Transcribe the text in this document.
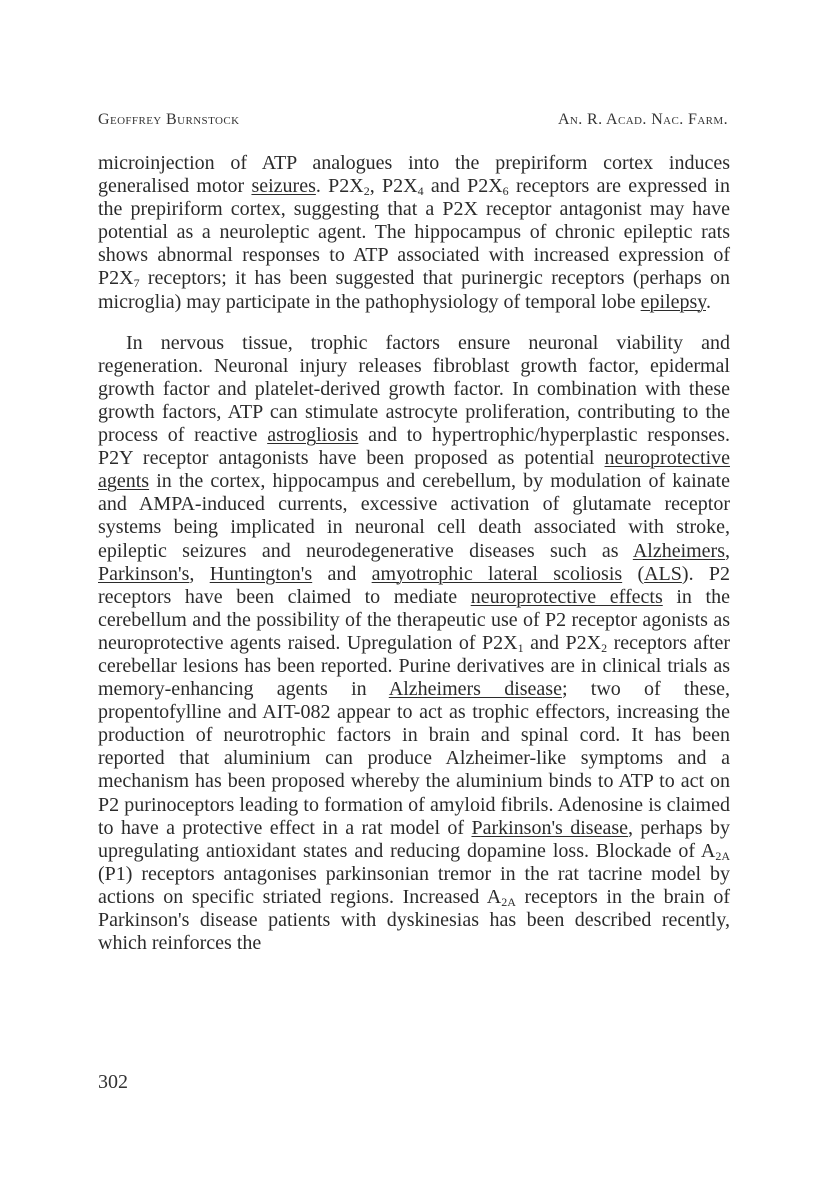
Geoffrey Burnstock	An. R. Acad. Nac. Farm.

microinjection of ATP analogues into the prepiriform cortex induces generalised motor seizures. $P2X_2$, $P2X_4$ and $P2X_6$ receptors are expressed in the prepiriform cortex, suggesting that a P2X receptor antagonist may have potential as a neuroleptic agent. The hippocampus of chronic epileptic rats shows abnormal responses to ATP associated with increased expression of $P2X_7$ receptors; it has been suggested that purinergic receptors (perhaps on microglia) may participate in the pathophysiology of temporal lobe epilepsy.

In nervous tissue, trophic factors ensure neuronal viability and regeneration. Neuronal injury releases fibroblast growth factor, epidermal growth factor and platelet-derived growth factor. In combination with these growth factors, ATP can stimulate astrocyte proliferation, contributing to the process of reactive astrogliosis and to hypertrophic/hyperplastic responses. P2Y receptor antagonists have been proposed as potential neuroprotective agents in the cortex, hippocampus and cerebellum, by modulation of kainate and AMPA-induced currents, excessive activation of glutamate receptor systems being implicated in neuronal cell death associated with stroke, epileptic seizures and neurodegenerative diseases such as Alzheimers, Parkinson's, Huntington's and amyotrophic lateral scoliosis (ALS). P2 receptors have been claimed to mediate neuroprotective effects in the cerebellum and the possibility of the therapeutic use of P2 receptor agonists as neuroprotective agents raised. Upregulation of $P2X_1$ and $P2X_2$ receptors after cerebellar lesions has been reported. Purine derivatives are in clinical trials as memory-enhancing agents in Alzheimers disease; two of these, propentofylline and AIT-082 appear to act as trophic effectors, increasing the production of neurotrophic factors in brain and spinal cord. It has been reported that aluminium can produce Alzheimer-like symptoms and a mechanism has been proposed whereby the aluminium binds to ATP to act on P2 purinoceptors leading to formation of amyloid fibrils. Adenosine is claimed to have a protective effect in a rat model of Parkinson's disease, perhaps by upregulating antioxidant states and reducing dopamine loss. Blockade of $A_{2A}$ (P1) receptors antagonises parkinsonian tremor in the rat tacrine model by actions on specific striated regions. Increased $A_{2A}$ receptors in the brain of Parkinson's disease patients with dyskinesias has been described recently, which reinforces the

302
